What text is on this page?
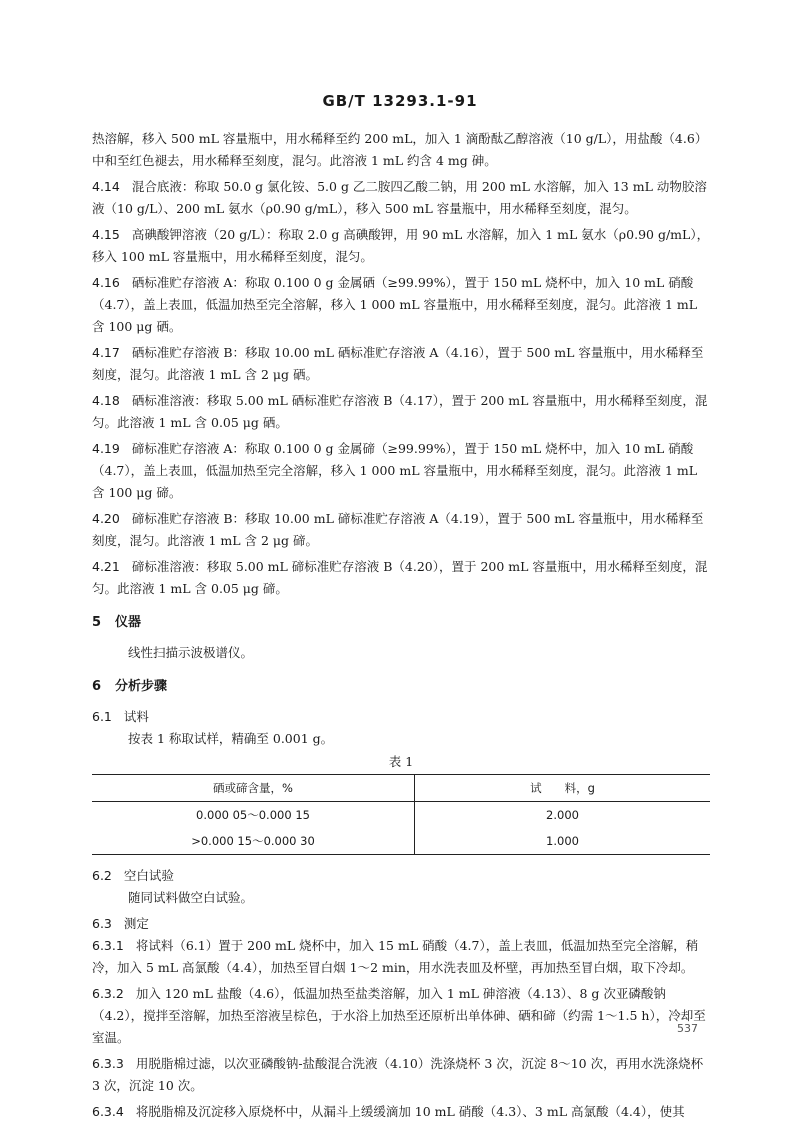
GB/T 13293.1-91

热溶解，移入 500 mL 容量瓶中，用水稀释至约 200 mL，加入 1 滴酚酞乙醇溶液（10 g/L），用盐酸（4.6）中和至红色褪去，用水稀释至刻度，混匀。此溶液 1 mL 约含 4 mg 砷。

4.14 混合底液：称取 50.0 g 氯化铵、5.0 g 乙二胺四乙酸二钠，用 200 mL 水溶解，加入 13 mL 动物胶溶液（10 g/L）、200 mL 氨水（ρ0.90 g/mL），移入 500 mL 容量瓶中，用水稀释至刻度，混匀。

4.15 高碘酸钾溶液（20 g/L）：称取 2.0 g 高碘酸钾，用 90 mL 水溶解，加入 1 mL 氨水（ρ0.90 g/mL），移入 100 mL 容量瓶中，用水稀释至刻度，混匀。

4.16 硒标准贮存溶液 A：称取 0.100 0 g 金属硒（≥99.99%），置于 150 mL 烧杯中，加入 10 mL 硝酸（4.7），盖上表皿，低温加热至完全溶解，移入 1 000 mL 容量瓶中，用水稀释至刻度，混匀。此溶液 1 mL 含 100 μg 硒。

4.17 硒标准贮存溶液 B：移取 10.00 mL 硒标准贮存溶液 A（4.16），置于 500 mL 容量瓶中，用水稀释至刻度，混匀。此溶液 1 mL 含 2 μg 硒。

4.18 硒标准溶液：移取 5.00 mL 硒标准贮存溶液 B（4.17），置于 200 mL 容量瓶中，用水稀释至刻度，混匀。此溶液 1 mL 含 0.05 μg 硒。

4.19 碲标准贮存溶液 A：称取 0.100 0 g 金属碲（≥99.99%），置于 150 mL 烧杯中，加入 10 mL 硝酸（4.7），盖上表皿，低温加热至完全溶解，移入 1 000 mL 容量瓶中，用水稀释至刻度，混匀。此溶液 1 mL 含 100 μg 碲。

4.20 碲标准贮存溶液 B：移取 10.00 mL 碲标准贮存溶液 A（4.19），置于 500 mL 容量瓶中，用水稀释至刻度，混匀。此溶液 1 mL 含 2 μg 碲。

4.21 碲标准溶液：移取 5.00 mL 碲标准贮存溶液 B（4.20），置于 200 mL 容量瓶中，用水稀释至刻度，混匀。此溶液 1 mL 含 0.05 μg 碲。

5 仪器

线性扫描示波极谱仪。

6 分析步骤

6.1 试料

按表 1 称取试样，精确至 0.001 g。

表 1
硒或碲含量，%	试　　料，g
0.000 05～0.000 15	2.000
>0.000 15～0.000 30	1.000

6.2 空白试验

随同试料做空白试验。

6.3 测定

6.3.1 将试料（6.1）置于 200 mL 烧杯中，加入 15 mL 硝酸（4.7），盖上表皿，低温加热至完全溶解，稍冷，加入 5 mL 高氯酸（4.4），加热至冒白烟 1～2 min，用水洗表皿及杯壁，再加热至冒白烟，取下冷却。

6.3.2 加入 120 mL 盐酸（4.6），低温加热至盐类溶解，加入 1 mL 砷溶液（4.13）、8 g 次亚磷酸钠（4.2），搅拌至溶解，加热至溶液呈棕色，于水浴上加热至还原析出单体砷、硒和碲（约需 1～1.5 h），冷却至室温。

6.3.3 用脱脂棉过滤，以次亚磷酸钠-盐酸混合洗液（4.10）洗涤烧杯 3 次，沉淀 8～10 次，再用水洗涤烧杯 3 次，沉淀 10 次。

6.3.4 将脱脂棉及沉淀移入原烧杯中，从漏斗上缓缓滴加 10 mL 硝酸（4.3）、3 mL 高氯酸（4.4），使其

537
